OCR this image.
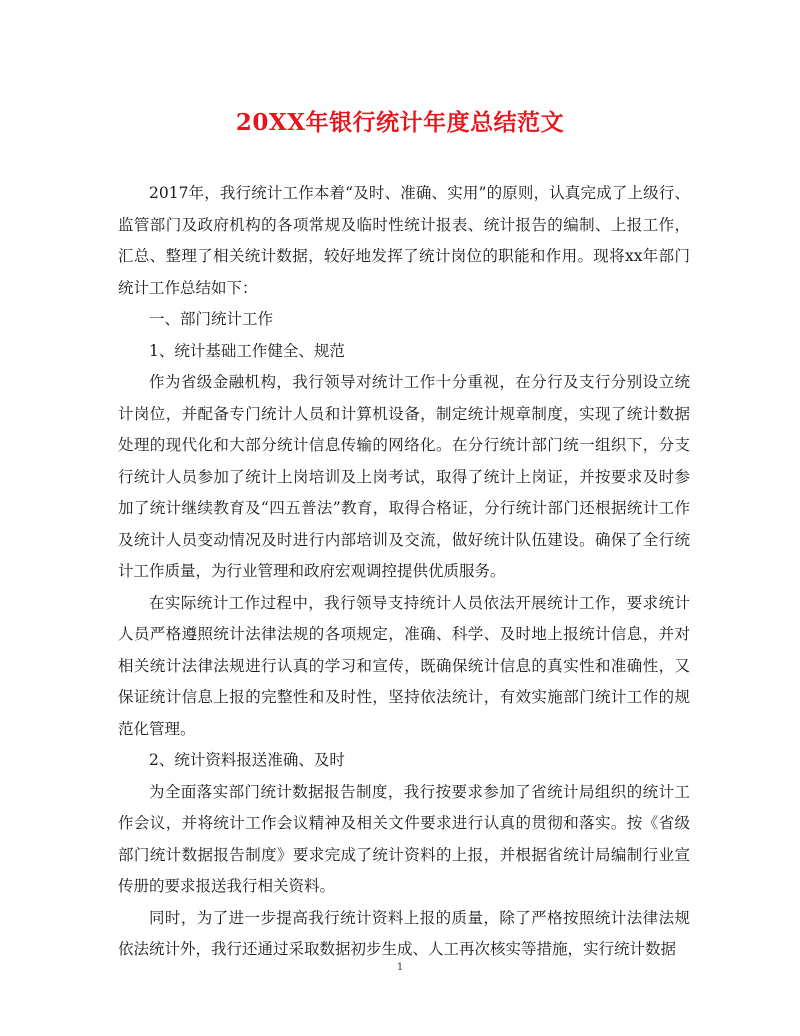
20XX年银行统计年度总结范文

2017年，我行统计工作本着“及时、准确、实用”的原则，认真完成了上级行、监管部门及政府机构的各项常规及临时性统计报表、统计报告的编制、上报工作，汇总、整理了相关统计数据，较好地发挥了统计岗位的职能和作用。现将xx年部门统计工作总结如下：

一、部门统计工作

1、统计基础工作健全、规范

作为省级金融机构，我行领导对统计工作十分重视，在分行及支行分别设立统计岗位，并配备专门统计人员和计算机设备，制定统计规章制度，实现了统计数据处理的现代化和大部分统计信息传输的网络化。在分行统计部门统一组织下，分支行统计人员参加了统计上岗培训及上岗考试，取得了统计上岗证，并按要求及时参加了统计继续教育及“四五普法”教育，取得合格证，分行统计部门还根据统计工作及统计人员变动情况及时进行内部培训及交流，做好统计队伍建设。确保了全行统计工作质量，为行业管理和政府宏观调控提供优质服务。

在实际统计工作过程中，我行领导支持统计人员依法开展统计工作，要求统计人员严格遵照统计法律法规的各项规定，准确、科学、及时地上报统计信息，并对相关统计法律法规进行认真的学习和宣传，既确保统计信息的真实性和准确性，又保证统计信息上报的完整性和及时性，坚持依法统计，有效实施部门统计工作的规范化管理。

2、统计资料报送准确、及时

为全面落实部门统计数据报告制度，我行按要求参加了省统计局组织的统计工作会议，并将统计工作会议精神及相关文件要求进行认真的贯彻和落实。按《省级部门统计数据报告制度》要求完成了统计资料的上报，并根据省统计局编制行业宣传册的要求报送我行相关资料。

同时，为了进一步提高我行统计资料上报的质量，除了严格按照统计法律法规依法统计外，我行还通过采取数据初步生成、人工再次核实等措施，实行统计数据

1
